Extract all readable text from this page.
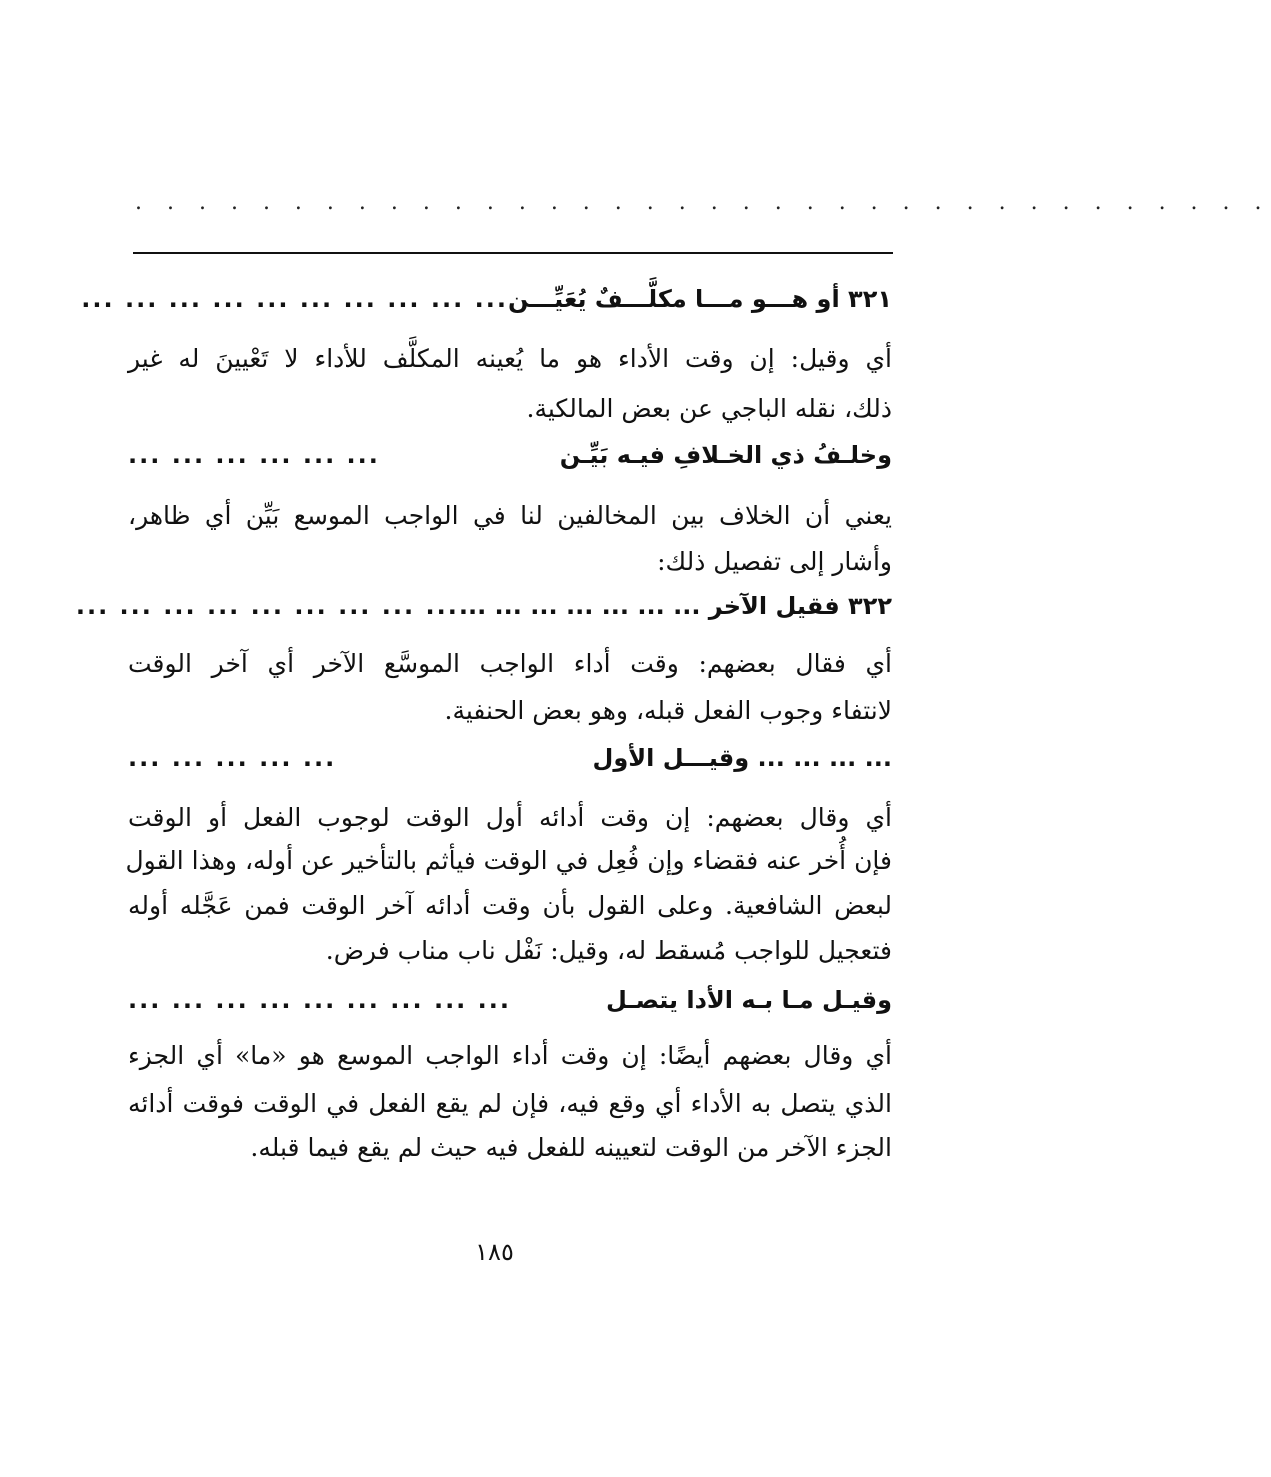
. . . . . . . . . . . . . . . . . . . . . . . . . . . . . . . . . . . .
٣٢١ أو هـــو مـــا مكلَّـــفٌ يُعَيِّـــن
... ... ... ... ... ... ... ... ... ...
أي وقيل: إن وقت الأداء هو ما يُعينه المكلَّف للأداء لا تَعْيينَ له غير
ذلك، نقله الباجي عن بعض المالكية.
وخلـفُ ذي الخـلافِ فيـه بَيِّـن
... ... ... ... ... ...
يعني أن الخلاف بين المخالفين لنا في الواجب الموسع بَيِّن أي ظاهر،
وأشار إلى تفصيل ذلك:
٣٢٢ فقيل الآخر ... ... ... ... ... ... ...
... ... ... ... ... ... ... ... ...
أي فقال بعضهم: وقت أداء الواجب الموسَّع الآخر أي آخر الوقت
لانتفاء وجوب الفعل قبله، وهو بعض الحنفية.
... ... ... ... وقيـــل الأول
... ... ... ... ...
أي وقال بعضهم: إن وقت أدائه أول الوقت لوجوب الفعل أو الوقت
فإن أُخر عنه فقضاء وإن فُعِل في الوقت فيأثم بالتأخير عن أوله، وهذا القول
لبعض الشافعية. وعلى القول بأن وقت أدائه آخر الوقت فمن عَجَّله أوله
فتعجيل للواجب مُسقط له، وقيل: نَفْل ناب مناب فرض.
وقيـل مـا بـه الأدا يتصـل
... ... ... ... ... ... ... ... ...
أي وقال بعضهم أيضًا: إن وقت أداء الواجب الموسع هو «ما» أي الجزء
الذي يتصل به الأداء أي وقع فيه، فإن لم يقع الفعل في الوقت فوقت أدائه
الجزء الآخر من الوقت لتعيينه للفعل فيه حيث لم يقع فيما قبله.
١٨٥
